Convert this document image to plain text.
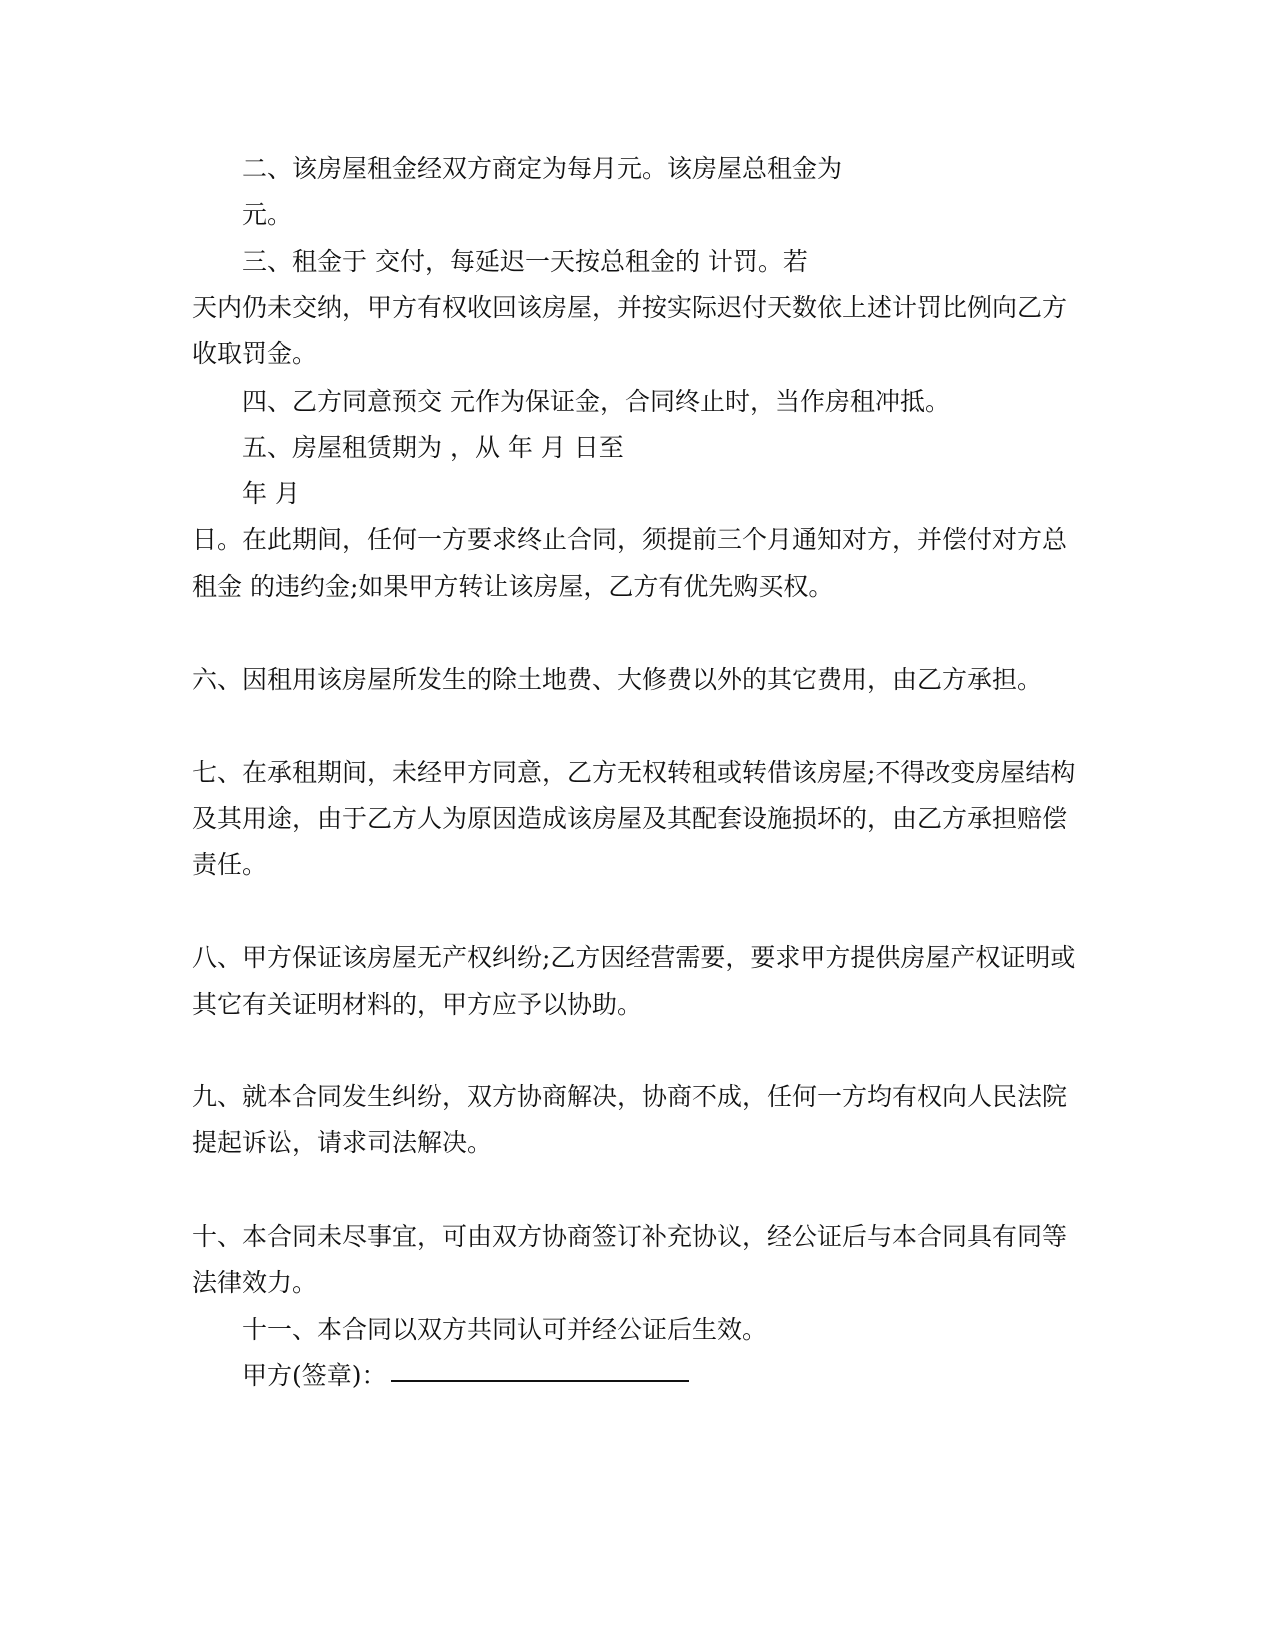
二、该房屋租金经双方商定为每月元。该房屋总租金为
元。
三、租金于 交付，每延迟一天按总租金的 计罚。若
天内仍未交纳，甲方有权收回该房屋，并按实际迟付天数依上述计罚比例向乙方
收取罚金。
四、乙方同意预交 元作为保证金，合同终止时，当作房租冲抵。
五、房屋租赁期为 ，从 年 月 日至
年 月
日。在此期间，任何一方要求终止合同，须提前三个月通知对方，并偿付对方总
租金 的违约金;如果甲方转让该房屋，乙方有优先购买权。
六、因租用该房屋所发生的除土地费、大修费以外的其它费用，由乙方承担。
七、在承租期间，未经甲方同意，乙方无权转租或转借该房屋;不得改变房屋结构
及其用途，由于乙方人为原因造成该房屋及其配套设施损坏的，由乙方承担赔偿
责任。
八、甲方保证该房屋无产权纠纷;乙方因经营需要，要求甲方提供房屋产权证明或
其它有关证明材料的，甲方应予以协助。
九、就本合同发生纠纷，双方协商解决，协商不成，任何一方均有权向人民法院
提起诉讼，请求司法解决。
十、本合同未尽事宜，可由双方协商签订补充协议，经公证后与本合同具有同等
法律效力。
十一、本合同以双方共同认可并经公证后生效。
甲方(签章)：
